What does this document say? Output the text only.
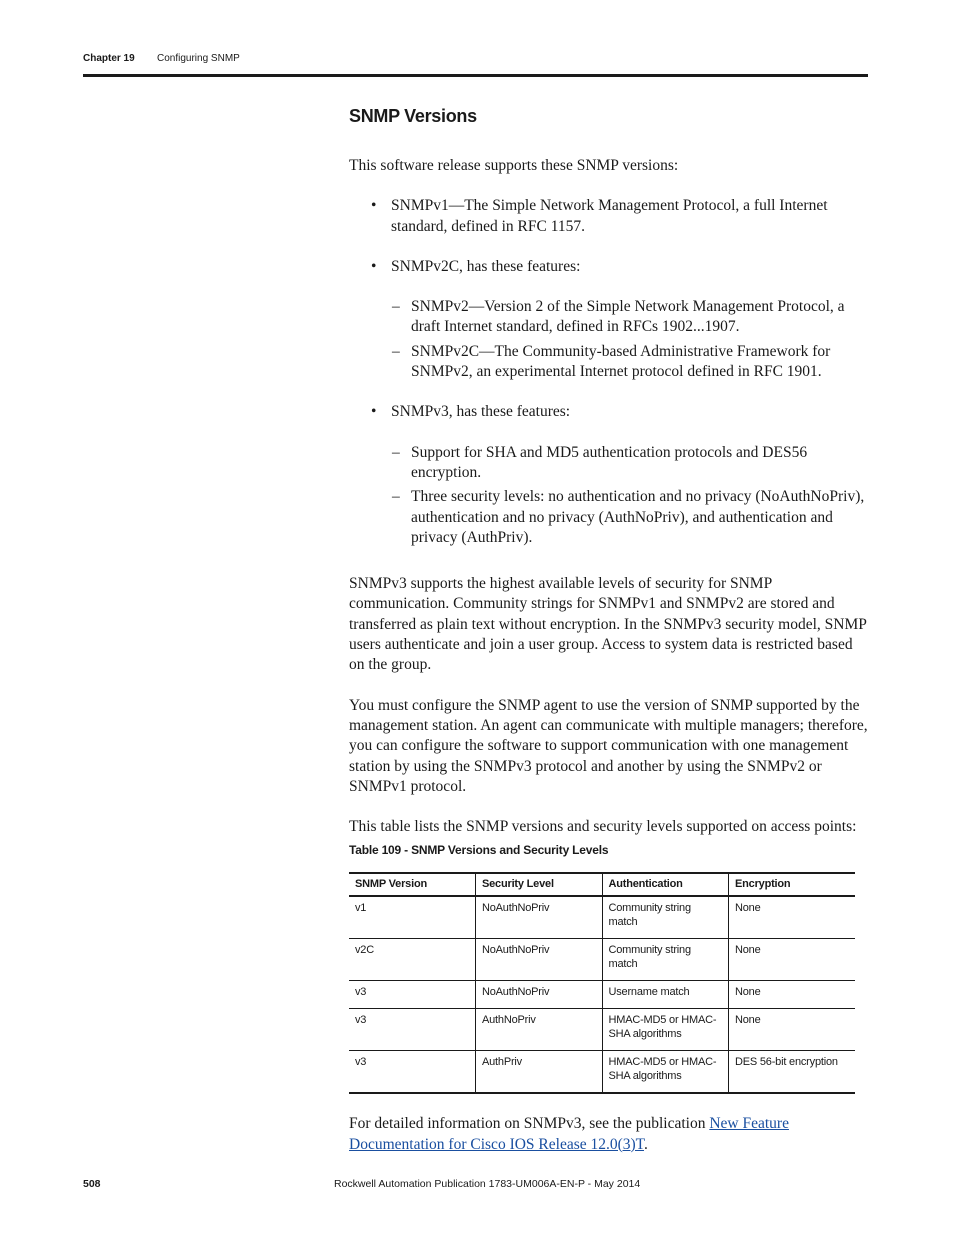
Chapter 19 Configuring SNMP
SNMP Versions

This software release supports these SNMP versions:

• SNMPv1—The Simple Network Management Protocol, a full Internet standard, defined in RFC 1157.
• SNMPv2C, has these features:
– SNMPv2—Version 2 of the Simple Network Management Protocol, a draft Internet standard, defined in RFCs 1902...1907.
– SNMPv2C—The Community-based Administrative Framework for SNMPv2, an experimental Internet protocol defined in RFC 1901.
• SNMPv3, has these features:
– Support for SHA and MD5 authentication protocols and DES56 encryption.
– Three security levels: no authentication and no privacy (NoAuthNoPriv), authentication and no privacy (AuthNoPriv), and authentication and privacy (AuthPriv).

SNMPv3 supports the highest available levels of security for SNMP communication. Community strings for SNMPv1 and SNMPv2 are stored and transferred as plain text without encryption. In the SNMPv3 security model, SNMP users authenticate and join a user group. Access to system data is restricted based on the group.

You must configure the SNMP agent to use the version of SNMP supported by the management station. An agent can communicate with multiple managers; therefore, you can configure the software to support communication with one management station by using the SNMPv3 protocol and another by using the SNMPv2 or SNMPv1 protocol.

This table lists the SNMP versions and security levels supported on access points:

Table 109 - SNMP Versions and Security Levels
SNMP Version	Security Level	Authentication	Encryption
v1	NoAuthNoPriv	Community string match	None
v2C	NoAuthNoPriv	Community string match	None
v3	NoAuthNoPriv	Username match	None
v3	AuthNoPriv	HMAC-MD5 or HMAC-SHA algorithms	None
v3	AuthPriv	HMAC-MD5 or HMAC-SHA algorithms	DES 56-bit encryption

For detailed information on SNMPv3, see the publication New Feature Documentation for Cisco IOS Release 12.0(3)T.

508	Rockwell Automation Publication 1783-UM006A-EN-P - May 2014
